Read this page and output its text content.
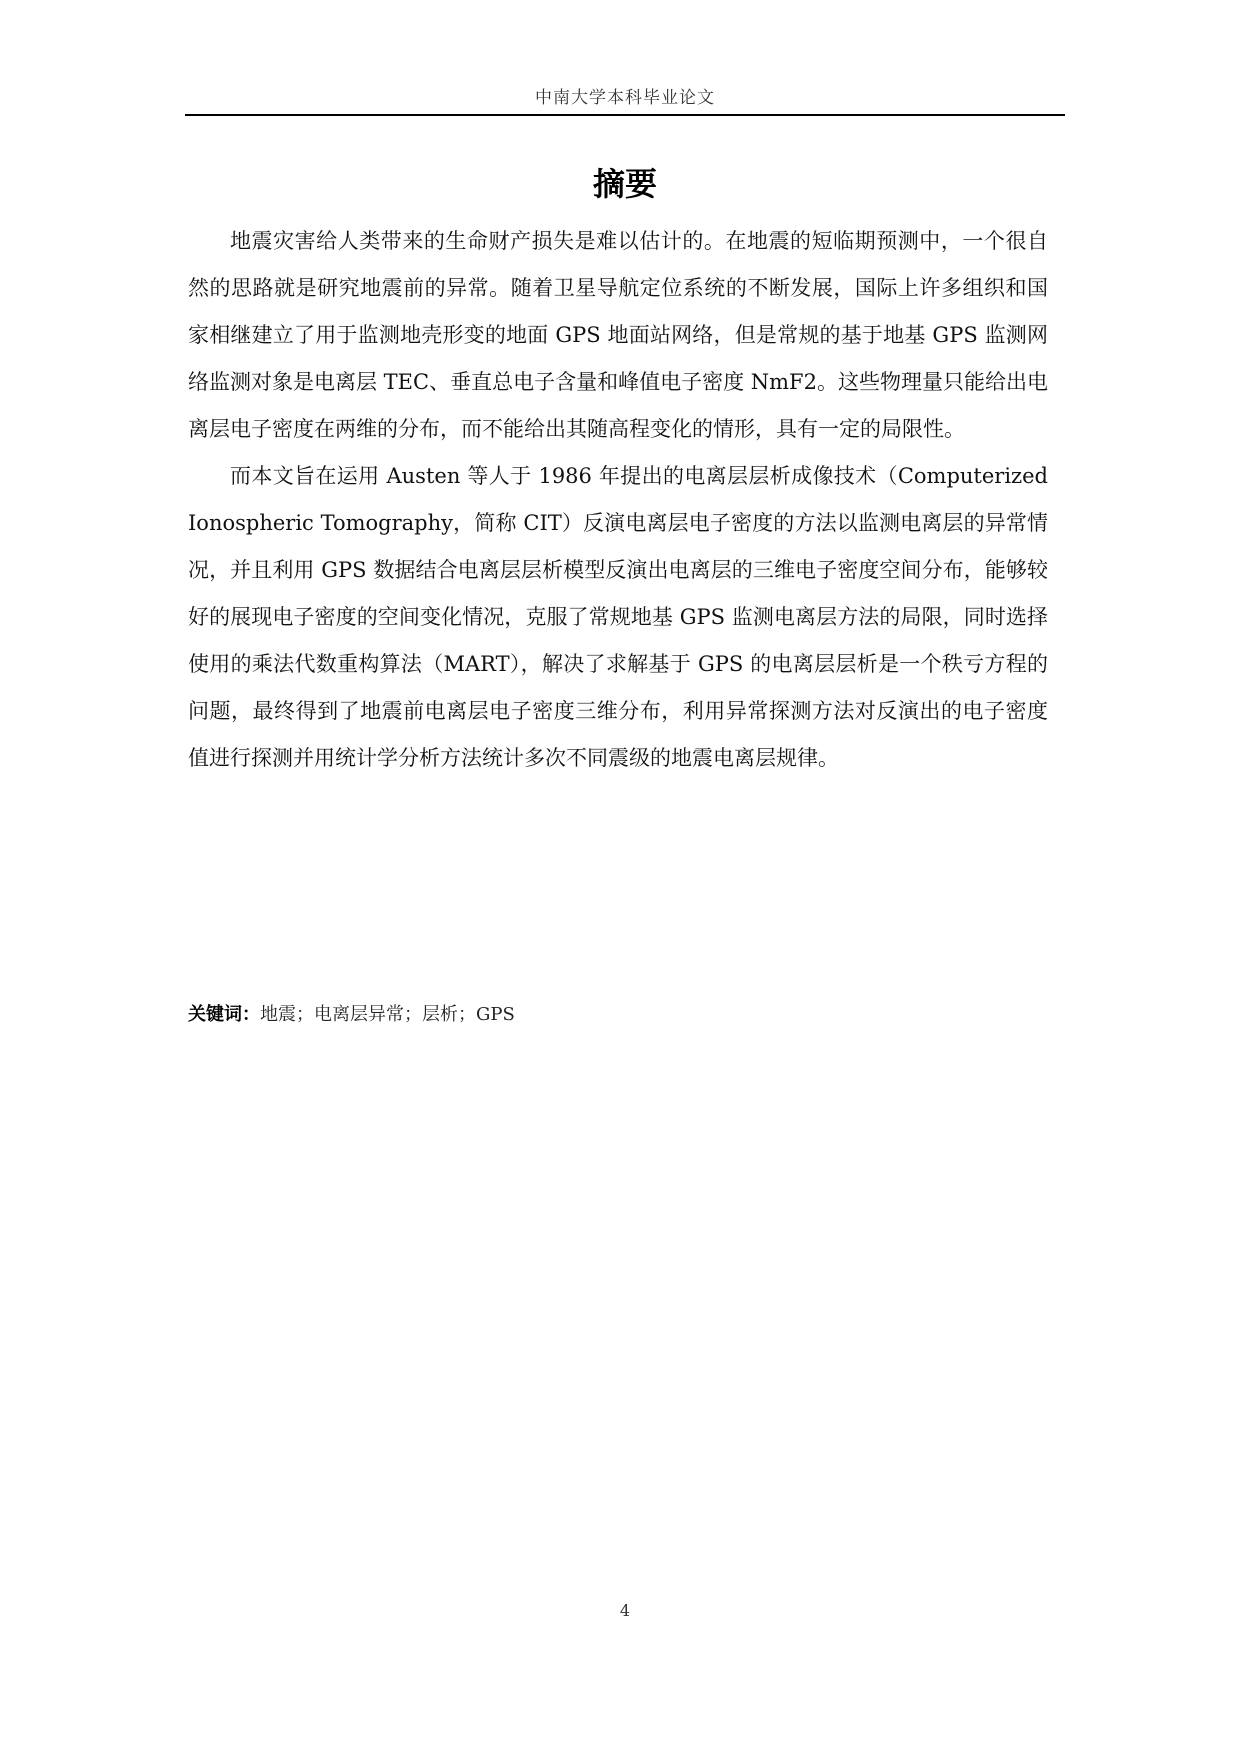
中南大学本科毕业论文
摘要

地震灾害给人类带来的生命财产损失是难以估计的。在地震的短临期预测中，一个很自然的思路就是研究地震前的异常。随着卫星导航定位系统的不断发展，国际上许多组织和国家相继建立了用于监测地壳形变的地面 GPS 地面站网络，但是常规的基于地基 GPS 监测网络监测对象是电离层 TEC、垂直总电子含量和峰值电子密度 NmF2。这些物理量只能给出电离层电子密度在两维的分布，而不能给出其随高程变化的情形，具有一定的局限性。

而本文旨在运用 Austen 等人于 1986 年提出的电离层层析成像技术（Computerized Ionospheric Tomography，简称 CIT）反演电离层电子密度的方法以监测电离层的异常情况，并且利用 GPS 数据结合电离层层析模型反演出电离层的三维电子密度空间分布，能够较好的展现电子密度的空间变化情况，克服了常规地基 GPS 监测电离层方法的局限，同时选择使用的乘法代数重构算法（MART），解决了求解基于 GPS 的电离层层析是一个秩亏方程的问题，最终得到了地震前电离层电子密度三维分布，利用异常探测方法对反演出的电子密度值进行探测并用统计学分析方法统计多次不同震级的地震电离层规律。

关键词：地震；电离层异常；层析；GPS
4
